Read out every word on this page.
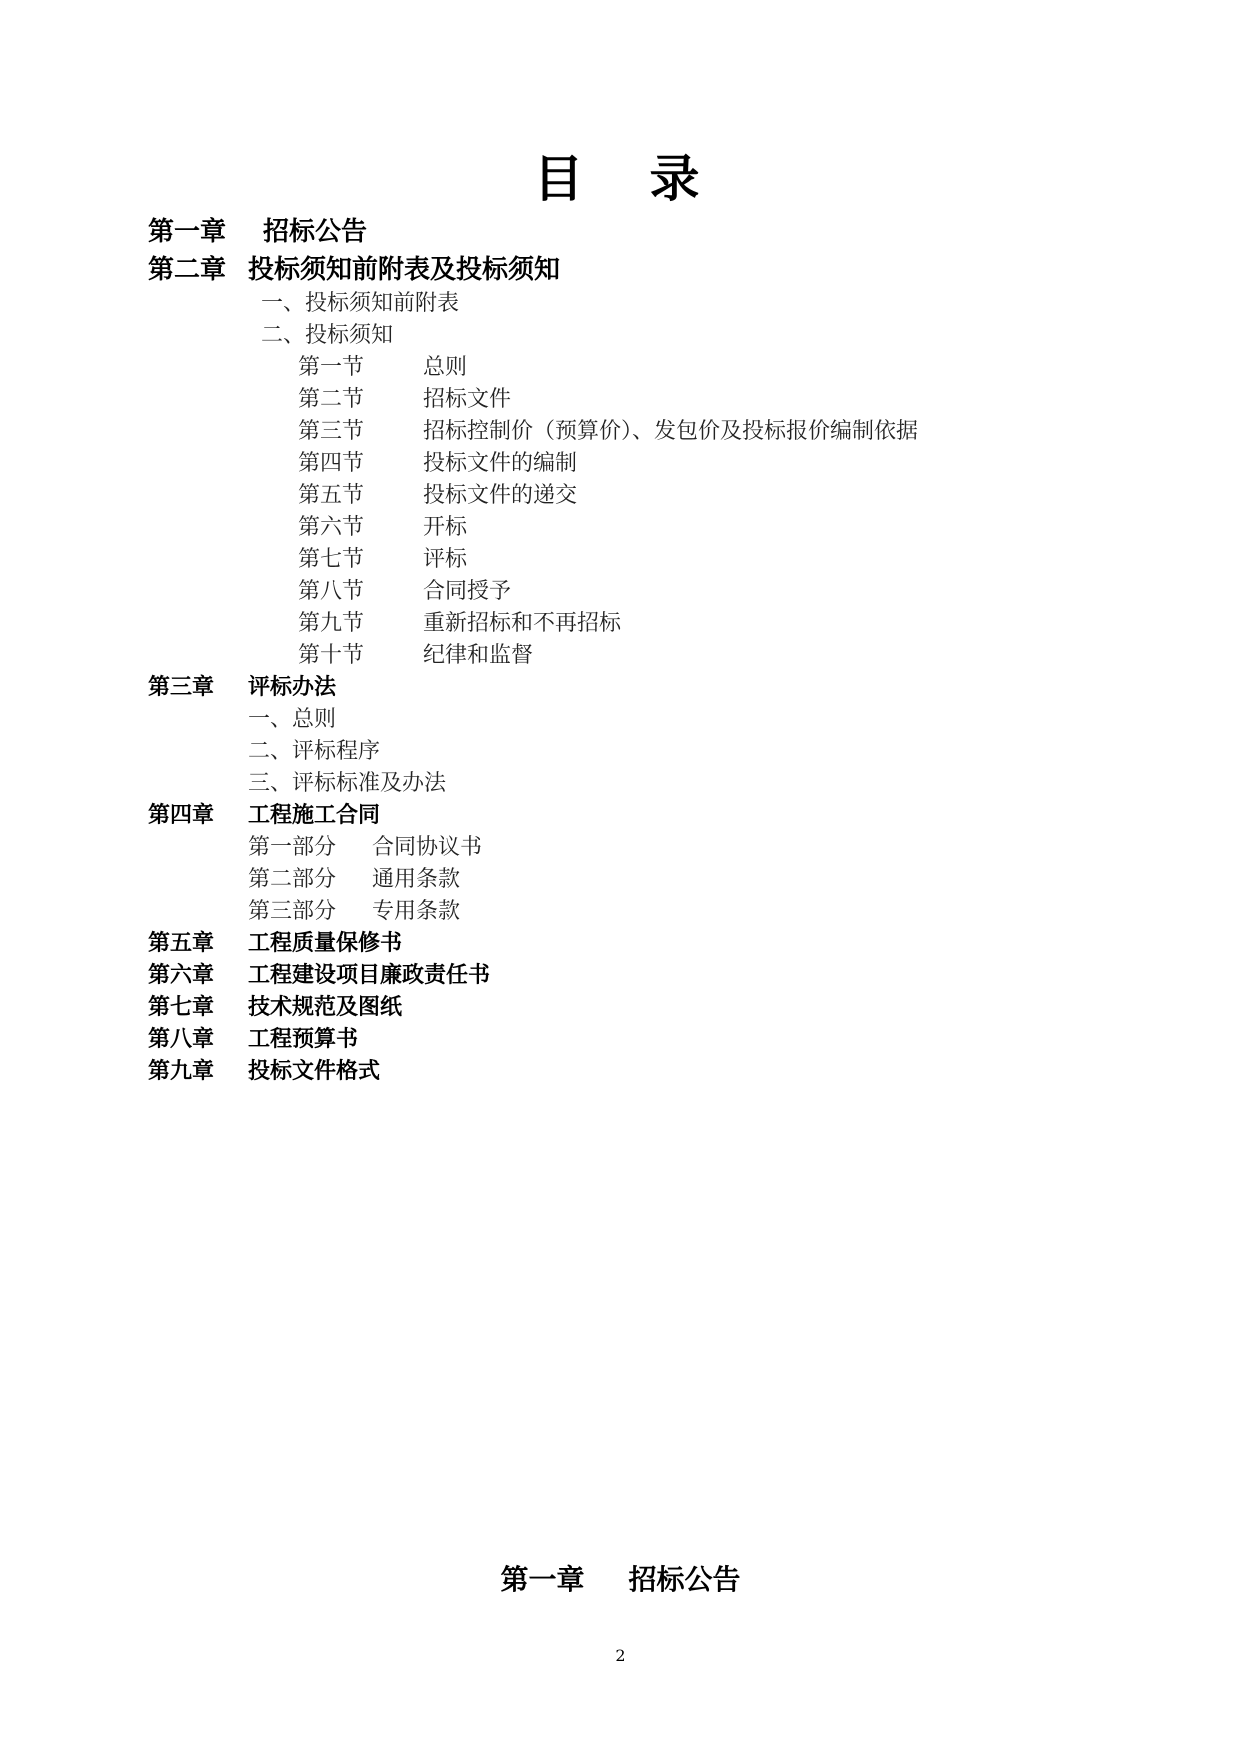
目　录
第一章 招标公告
第二章 投标须知前附表及投标须知
一、投标须知前附表
二、投标须知
第一节	总则
第二节	招标文件
第三节	招标控制价（预算价）、发包价及投标报价编制依据
第四节	投标文件的编制
第五节	投标文件的递交
第六节	开标
第七节	评标
第八节	合同授予
第九节	重新招标和不再招标
第十节	纪律和监督
第三章 评标办法
一、总则
二、评标程序
三、评标标准及办法
第四章 工程施工合同
第一部分 合同协议书
第二部分 通用条款
第三部分 专用条款
第五章 工程质量保修书
第六章 工程建设项目廉政责任书
第七章 技术规范及图纸
第八章 工程预算书
第九章 投标文件格式
第一章 招标公告
2
